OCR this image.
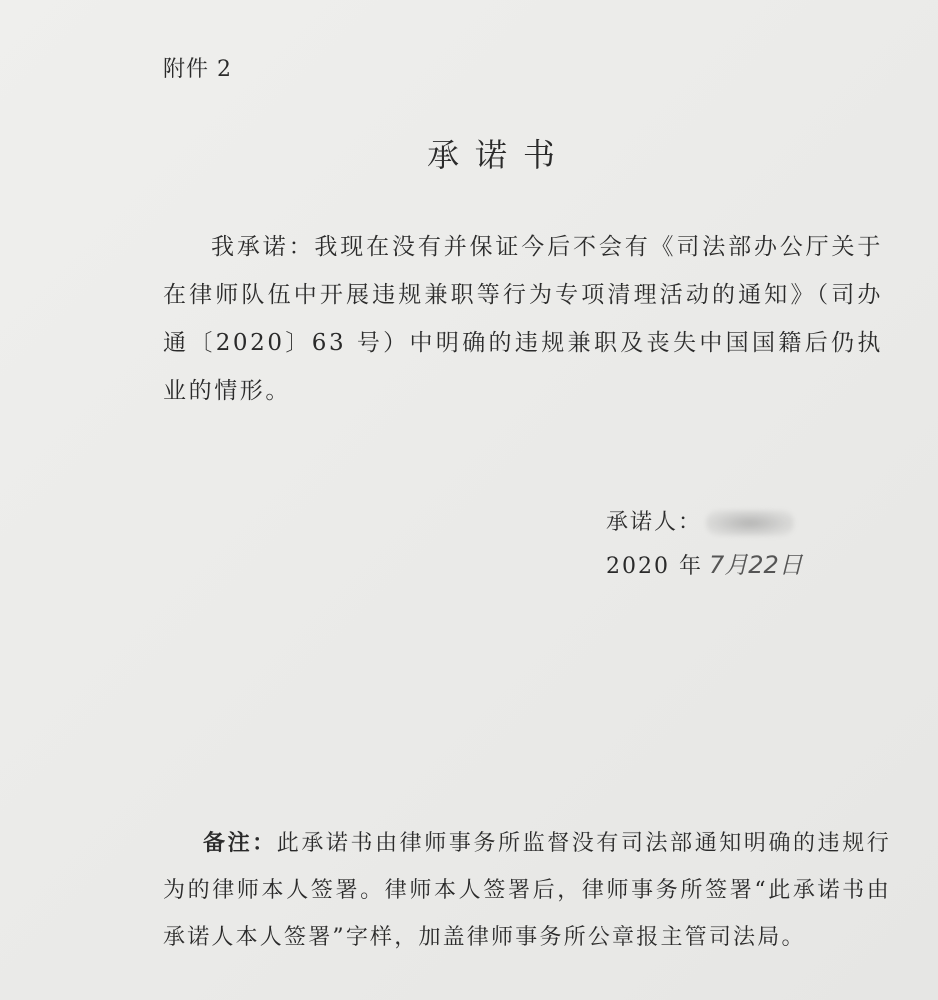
附件 2
承诺书
我承诺：我现在没有并保证今后不会有《司法部办公厅关于在律师队伍中开展违规兼职等行为专项清理活动的通知》（司办通〔2020〕63 号）中明确的违规兼职及丧失中国国籍后仍执业的情形。
承诺人：
2020 年 7月22日
备注：此承诺书由律师事务所监督没有司法部通知明确的违规行为的律师本人签署。律师本人签署后，律师事务所签署“此承诺书由承诺人本人签署”字样，加盖律师事务所公章报主管司法局。
